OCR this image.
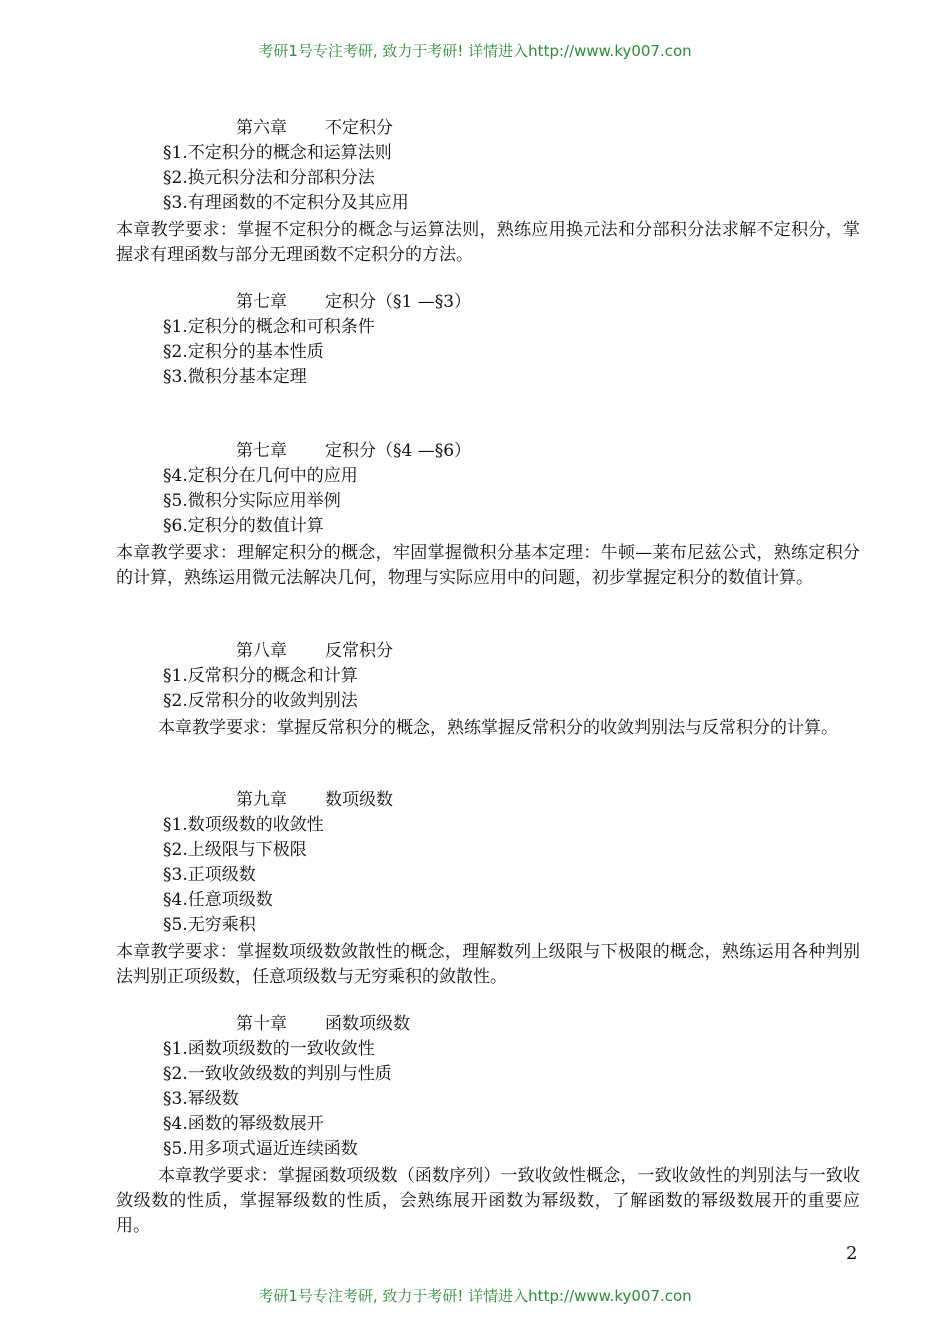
考研1号专注考研, 致力于考研! 详情进入http://www.ky007.con
第六章 不定积分
§1.不定积分的概念和运算法则
§2.换元积分法和分部积分法
§3.有理函数的不定积分及其应用
本章教学要求：掌握不定积分的概念与运算法则，熟练应用换元法和分部积分法求解不定积分，掌握求有理函数与部分无理函数不定积分的方法。
第七章 定积分（§1 —§3）
§1.定积分的概念和可积条件
§2.定积分的基本性质
§3.微积分基本定理
第七章 定积分（§4 —§6）
§4.定积分在几何中的应用
§5.微积分实际应用举例
§6.定积分的数值计算
本章教学要求：理解定积分的概念，牢固掌握微积分基本定理：牛顿—莱布尼兹公式，熟练定积分的计算，熟练运用微元法解决几何，物理与实际应用中的问题，初步掌握定积分的数值计算。
第八章 反常积分
§1.反常积分的概念和计算
§2.反常积分的收敛判别法
本章教学要求：掌握反常积分的概念，熟练掌握反常积分的收敛判别法与反常积分的计算。
第九章 数项级数
§1.数项级数的收敛性
§2.上级限与下极限
§3.正项级数
§4.任意项级数
§5.无穷乘积
本章教学要求：掌握数项级数敛散性的概念，理解数列上级限与下极限的概念，熟练运用各种判别法判别正项级数，任意项级数与无穷乘积的敛散性。
第十章 函数项级数
§1.函数项级数的一致收敛性
§2.一致收敛级数的判别与性质
§3.幂级数
§4.函数的幂级数展开
§5.用多项式逼近连续函数
本章教学要求：掌握函数项级数（函数序列）一致收敛性概念，一致收敛性的判别法与一致收敛级数的性质，掌握幂级数的性质，会熟练展开函数为幂级数，了解函数的幂级数展开的重要应用。
2
考研1号专注考研, 致力于考研! 详情进入http://www.ky007.con
